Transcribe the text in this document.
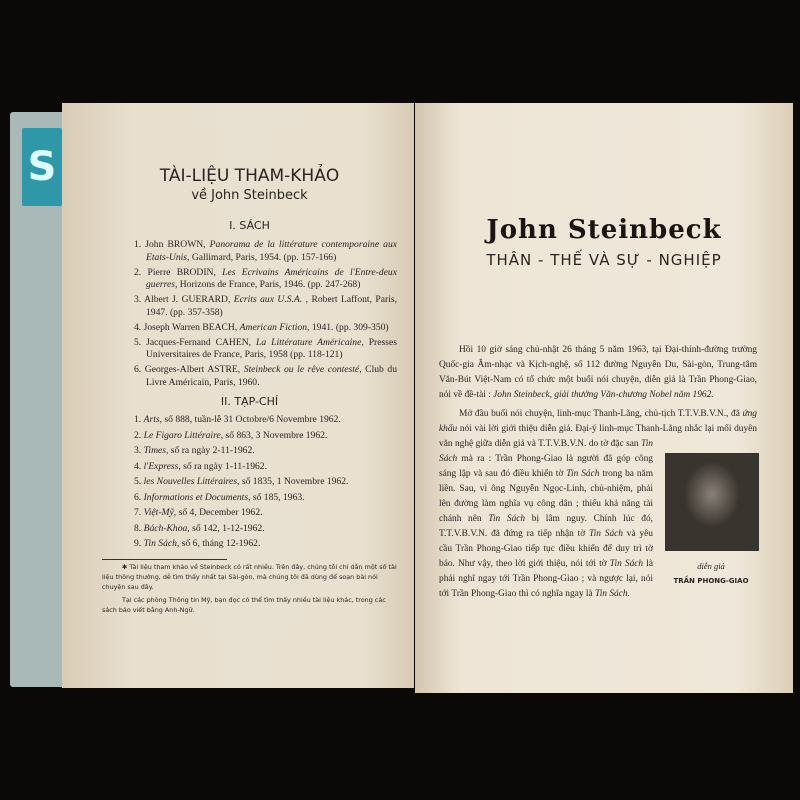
S	TÀI-LIỆU THAM-KHẢO
về John Steinbeck
I. SÁCH
1. John BROWN, Panorama de la littérature contemporaine aux Etats-Unis, Gallimard, Paris, 1954. (pp. 157-166)
2. Pierre BRODIN, Les Ecrivains Américains de l'Entre-deux guerres, Horizons de France, Paris, 1946. (pp. 247-268)
3. Albert J. GUERARD, Ecrits aux U.S.A. , Robert Laffont, Paris, 1947. (pp. 357-358)
4. Joseph Warren BEACH, American Fiction, 1941. (pp. 309-350)
5. Jacques-Fernand CAHEN, La Littérature Américaine, Presses Universitaires de France, Paris, 1958 (pp. 118-121)
6. Georges-Albert ASTRE, Steinbeck ou le rêve contesté, Club du Livre Américain, Paris, 1960.
II. TẠP-CHÍ
1. Arts, số 888, tuần-lễ 31 Octobre/6 Novembre 1962.
2. Le Figaro Littéraire, số 863, 3 Novembre 1962.
3. Times, số ra ngày 2-11-1962.
4. l'Express, số ra ngày 1-11-1962.
5. les Nouvelles Littéraires, số 1835, 1 Novembre 1962.
6. Informations et Documents, số 185, 1963.
7. Việt-Mỹ, số 4, December 1962.
8. Bách-Khoa, số 142, 1-12-1962.
9. Tin Sách, số 6, tháng 12-1962.
✱ Tài liệu tham khảo về Steinbeck có rất nhiều. Trên đây, chúng tôi chỉ dẫn một số tài liệu thông thường, dễ tìm thấy nhất tại Sài-gòn, mà chúng tôi đã dùng để soạn bài nói chuyện sau đây.
Tại các phòng Thông tin Mỹ, bạn đọc có thể tìm thấy nhiều tài liệu khác, trong các sách báo viết bằng Anh-Ngữ.
John Steinbeck
THÂN - THẾ VÀ SỰ - NGHIỆP

Hồi 10 giờ sáng chủ-nhật 26 tháng 5 năm 1963, tại Đại-thính-đường trường Quốc-gia Âm-nhạc và Kịch-nghệ, số 112 đường Nguyễn Du, Sài-gòn, Trung-tâm Văn-Bút Việt-Nam có tổ chức một buổi nói chuyện, diễn giả là Trần Phong-Giao, nói về đề-tài : John Steinbeck, giải thưởng Văn-chương Nobel năm 1962.

Mở đầu buổi nói chuyện, linh-mục Thanh-Lãng, chủ-tịch T.T.V.B.V.N., đã ứng khẩu nói vài lời giới thiệu diễn giả. Đại-ý linh-mục Thanh-Lãng nhắc lại mối duyên văn nghệ giữa diễn giả và T.T.V.B.V.N. do tờ đặc san
diễn giả
TRẦN PHONG-GIAO
Tin Sách mà ra : Trần Phong-Giao là người đã góp công sáng lập và sau đó điều khiển tờ Tin Sách trong ba năm liền. Sau, vì ông Nguyễn Ngọc-Linh, chủ-nhiệm, phải lên đường làm nghĩa vụ công dân ; thiếu khả năng tài chánh nên Tin Sách bị lâm nguy. Chính lúc đó, T.T.V.B.V.N. đã đứng ra tiếp nhận tờ Tin Sách và yêu cầu Trần Phong-Giao tiếp tục điều khiển để duy trì tờ báo. Như vậy, theo lời giới thiệu, nói tới tờ Tin Sách là phải nghĩ ngay tới Trần Phong-Giao ; và ngược lại, nói tới Trần Phong-Giao thì có nghĩa ngay là Tin Sách.
